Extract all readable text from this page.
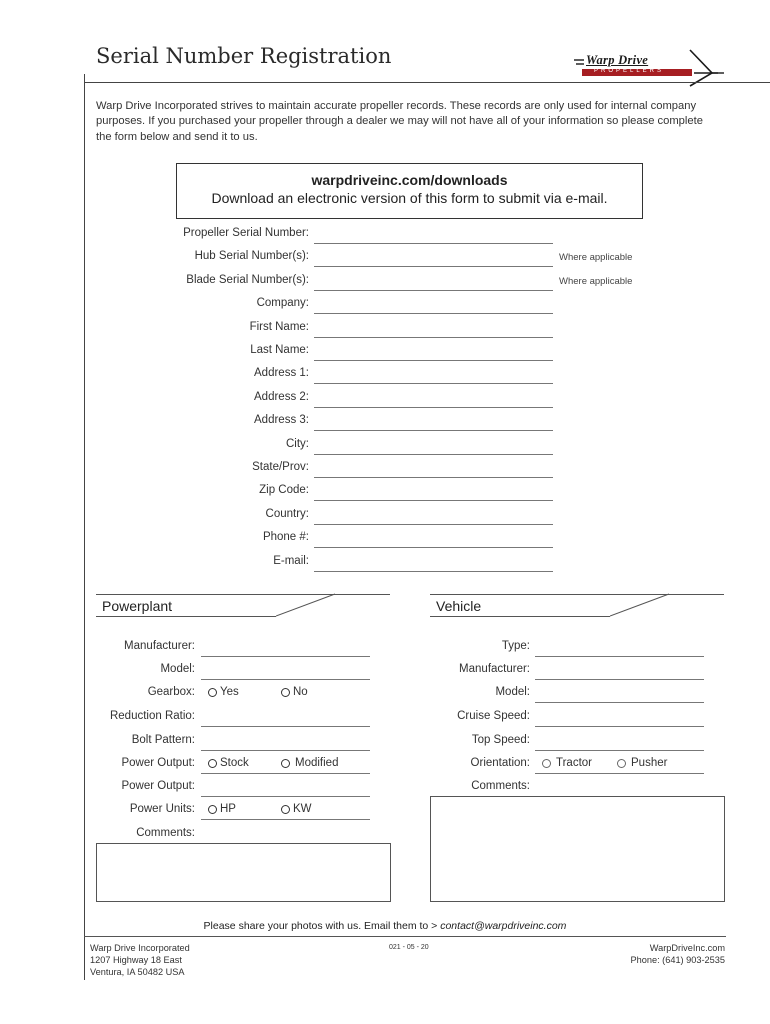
Serial Number Registration	Warp Drive
PROPELLERS
Warp Drive Incorporated strives to maintain accurate propeller records. These records are only used for internal company purposes. If you purchased your propeller through a dealer we may will not have all of your information so please complete the form below and send it to us.
warpdriveinc.com/downloads
Download an electronic version of this form to submit via e-mail.
Propeller Serial Number:
Hub Serial Number(s):	Where applicable
Blade Serial Number(s):	Where applicable
Company:
First Name:
Last Name:
Address 1:
Address 2:
Address 3:
City:
State/Prov:
Zip Code:
Country:
Phone #:
E-mail:
Powerplant
Manufacturer:
Model:
Gearbox: Yes	No
Reduction Ratio:
Bolt Pattern:
Power Output: Stock	Modified
Power Output:
Power Units: HP	KW
Comments:
Vehicle
Type:
Manufacturer:
Model:
Cruise Speed:
Top Speed:
Orientation: Tractor	Pusher
Comments:
Please share your photos with us. Email them to > contact@warpdriveinc.com
Warp Drive Incorporated
1207 Highway 18 East
Ventura, IA 50482 USA
021 - 05 - 20	WarpDriveInc.com
Phone: (641) 903-2535
